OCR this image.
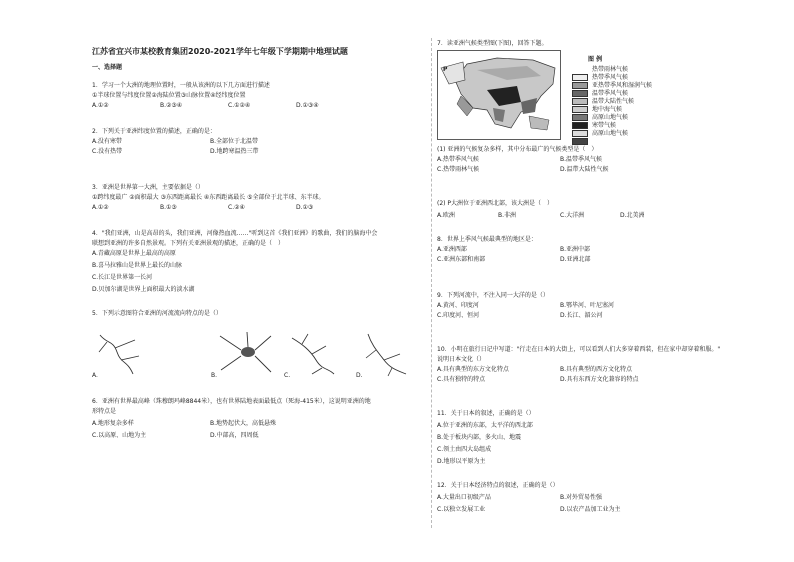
江苏省宜兴市某校教育集团2020-2021学年七年级下学期期中地理试题
一、选择题
1．学习一个大洲的地理位置时，一般从该洲的以下几方面进行描述
①半球位置与纬度位置②海陆位置③山脉位置④经纬度位置
A.①②	B.②③④	C.①②④	D.①③④
2．下列关于亚洲纬度位置的描述，正确的是：
A.没有寒带	B.全部位于北温带
C.没有热带	D.地跨寒温热三带
3．亚洲是世界第一大洲，主要依据是（）
①跨纬度最广 ②面积最大 ③东西距离最长 ④东西距离最长 ⑤全部位于北半球、东半球。
A.①②	B.①③	C.②④	D.①③
4．"我们亚洲，山是高昂的头，我们亚洲，河像热血流……"听到这首《我们亚洲》的歌曲，我们的脑海中会
联想到亚洲的许多自然景观。下列有关亚洲景观的描述，正确的是（　）
A.青藏高原是世界上最高的高原
B.喜马拉雅山是世界上最长的山脉
C.长江是世界第一长河
D.贝加尔湖是世界上面积最大的淡水湖
5．下列示意图符合亚洲的河流流向特点的是（）
A.	B.	C.	D.
6．亚洲有世界最高峰（珠穆朗玛峰8844米），也有世界陆地表面最低点（死海-415米），这说明亚洲的地
形特点是
A.地形复杂多样	B.地势起伏大，高低悬殊
C.以高原、山地为主	D.中部高，四周低
7．读亚洲气候类型图(下图)，回答下题。
P
图 例
热带雨林气候
热带季风气候
亚热带季风和湿润气候
温带季风气候
温带大陆性气候
地中海气候
高原山地气候
寒带气候
高原山地气候
(1) 亚洲的气候复杂多样，其中分布最广的气候类型是（　）
A.热带季风气候	B.温带季风气候
C.热带雨林气候	D.温带大陆性气候
(2) P大洲位于亚洲西北部，该大洲是（　）
A.欧洲	B.非洲	C.大洋洲	D.北美洲
8．世界上季风气候最典型的地区是：
A.亚洲西部	B.亚洲中部
C.亚洲东部和南部	D.亚洲北部
9．下列河流中，不注入同一大洋的是（）
A.黄河、印度河	B.鄂毕河、叶尼塞河
C.印度河、恒河	D.长江、湄公河
10．小明在旅行日记中写道："行走在日本的大街上，可以看到人们大多穿着西装，但在家中却穿着和服。"
说明日本文化（）
A.具有典型的东方文化特点	B.具有典型的西方文化特点
C.具有独特的特点	D.具有东西方文化兼容的特点
11．关于日本的叙述，正确的是（）
A.位于亚洲的东部，太平洋的西北部
B.处于板块内部，多火山、地震
C.领土由四大岛组成
D.地形以平原为主
12．关于日本经济特点的叙述，正确的是（）
A.大量出口初级产品	B.对外贸易性强
C.以独立发展工业	D.以农产品加工业为主
